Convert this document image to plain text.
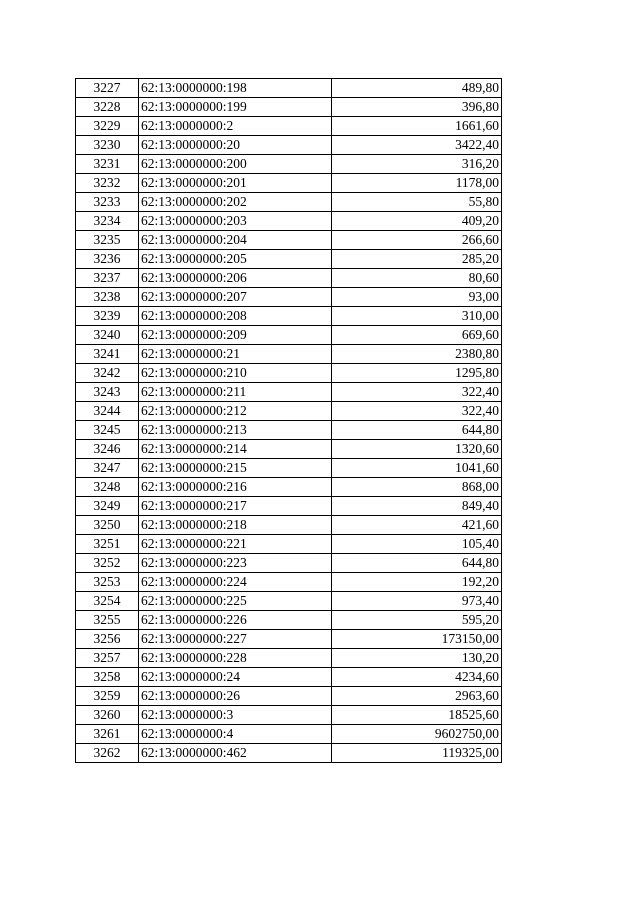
3227	62:13:0000000:198	489,80
3228	62:13:0000000:199	396,80
3229	62:13:0000000:2	1661,60
3230	62:13:0000000:20	3422,40
3231	62:13:0000000:200	316,20
3232	62:13:0000000:201	1178,00
3233	62:13:0000000:202	55,80
3234	62:13:0000000:203	409,20
3235	62:13:0000000:204	266,60
3236	62:13:0000000:205	285,20
3237	62:13:0000000:206	80,60
3238	62:13:0000000:207	93,00
3239	62:13:0000000:208	310,00
3240	62:13:0000000:209	669,60
3241	62:13:0000000:21	2380,80
3242	62:13:0000000:210	1295,80
3243	62:13:0000000:211	322,40
3244	62:13:0000000:212	322,40
3245	62:13:0000000:213	644,80
3246	62:13:0000000:214	1320,60
3247	62:13:0000000:215	1041,60
3248	62:13:0000000:216	868,00
3249	62:13:0000000:217	849,40
3250	62:13:0000000:218	421,60
3251	62:13:0000000:221	105,40
3252	62:13:0000000:223	644,80
3253	62:13:0000000:224	192,20
3254	62:13:0000000:225	973,40
3255	62:13:0000000:226	595,20
3256	62:13:0000000:227	173150,00
3257	62:13:0000000:228	130,20
3258	62:13:0000000:24	4234,60
3259	62:13:0000000:26	2963,60
3260	62:13:0000000:3	18525,60
3261	62:13:0000000:4	9602750,00
3262	62:13:0000000:462	119325,00
